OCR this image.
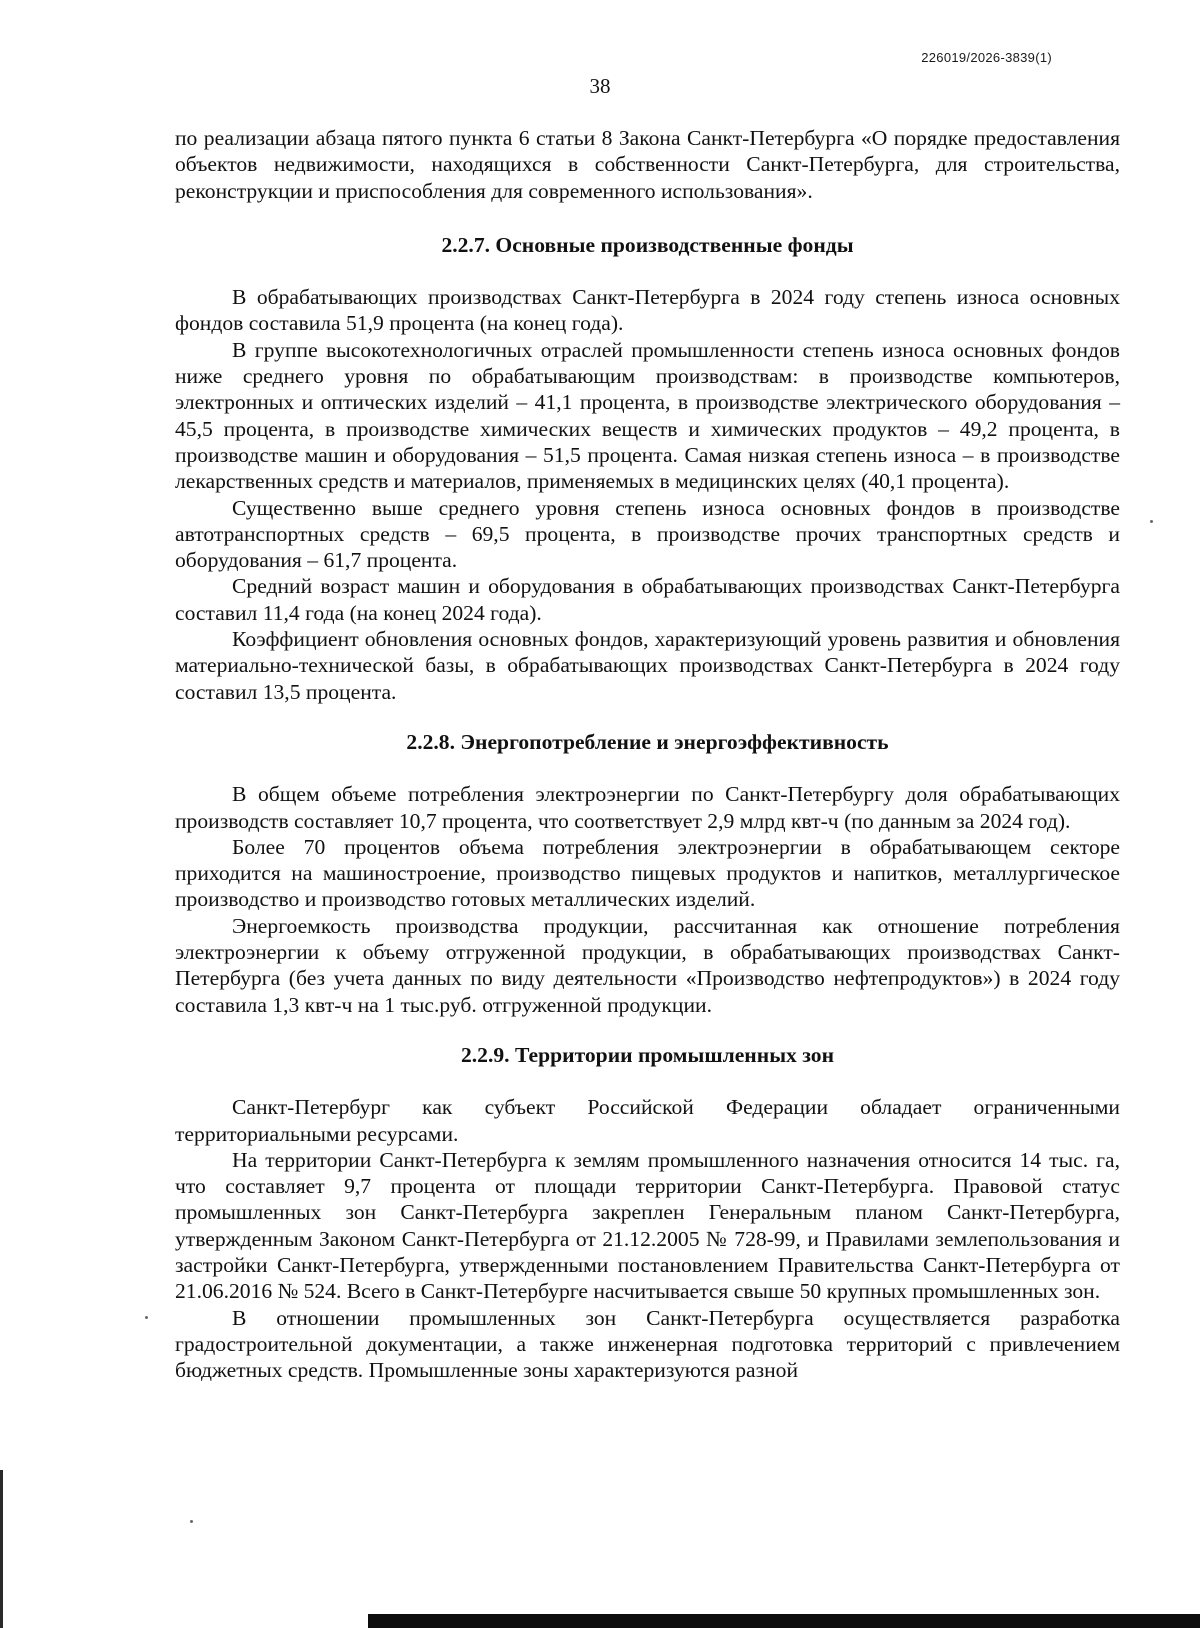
226019/2026-3839(1)
38

по реализации абзаца пятого пункта 6 статьи 8 Закона Санкт-Петербурга «О порядке предоставления объектов недвижимости, находящихся в собственности Санкт-Петербурга, для строительства, реконструкции и приспособления для современного использования».

2.2.7. Основные производственные фонды

В обрабатывающих производствах Санкт-Петербурга в 2024 году степень износа основных фондов составила 51,9 процента (на конец года).

В группе высокотехнологичных отраслей промышленности степень износа основных фондов ниже среднего уровня по обрабатывающим производствам: в производстве компьютеров, электронных и оптических изделий – 41,1 процента, в производстве электрического оборудования – 45,5 процента, в производстве химических веществ и химических продуктов – 49,2 процента, в производстве машин и оборудования – 51,5 процента. Самая низкая степень износа – в производстве лекарственных средств и материалов, применяемых в медицинских целях (40,1 процента).

Существенно выше среднего уровня степень износа основных фондов в производстве автотранспортных средств – 69,5 процента, в производстве прочих транспортных средств и оборудования – 61,7 процента.

Средний возраст машин и оборудования в обрабатывающих производствах Санкт-Петербурга составил 11,4 года (на конец 2024 года).

Коэффициент обновления основных фондов, характеризующий уровень развития и обновления материально-технической базы, в обрабатывающих производствах Санкт-Петербурга в 2024 году составил 13,5 процента.

2.2.8. Энергопотребление и энергоэффективность

В общем объеме потребления электроэнергии по Санкт-Петербургу доля обрабатывающих производств составляет 10,7 процента, что соответствует 2,9 млрд квт-ч (по данным за 2024 год).

Более 70 процентов объема потребления электроэнергии в обрабатывающем секторе приходится на машиностроение, производство пищевых продуктов и напитков, металлургическое производство и производство готовых металлических изделий.

Энергоемкость производства продукции, рассчитанная как отношение потребления электроэнергии к объему отгруженной продукции, в обрабатывающих производствах Санкт-Петербурга (без учета данных по виду деятельности «Производство нефтепродуктов») в 2024 году составила 1,3 квт-ч на 1 тыс.руб. отгруженной продукции.

2.2.9. Территории промышленных зон

Санкт-Петербург как субъект Российской Федерации обладает ограниченными территориальными ресурсами.

На территории Санкт-Петербурга к землям промышленного назначения относится 14 тыс. га, что составляет 9,7 процента от площади территории Санкт-Петербурга. Правовой статус промышленных зон Санкт-Петербурга закреплен Генеральным планом Санкт-Петербурга, утвержденным Законом Санкт-Петербурга от 21.12.2005 № 728-99, и Правилами землепользования и застройки Санкт-Петербурга, утвержденными постановлением Правительства Санкт-Петербурга от 21.06.2016 № 524. Всего в Санкт-Петербурге насчитывается свыше 50 крупных промышленных зон.

В отношении промышленных зон Санкт-Петербурга осуществляется разработка градостроительной документации, а также инженерная подготовка территорий с привлечением бюджетных средств. Промышленные зоны характеризуются разной
